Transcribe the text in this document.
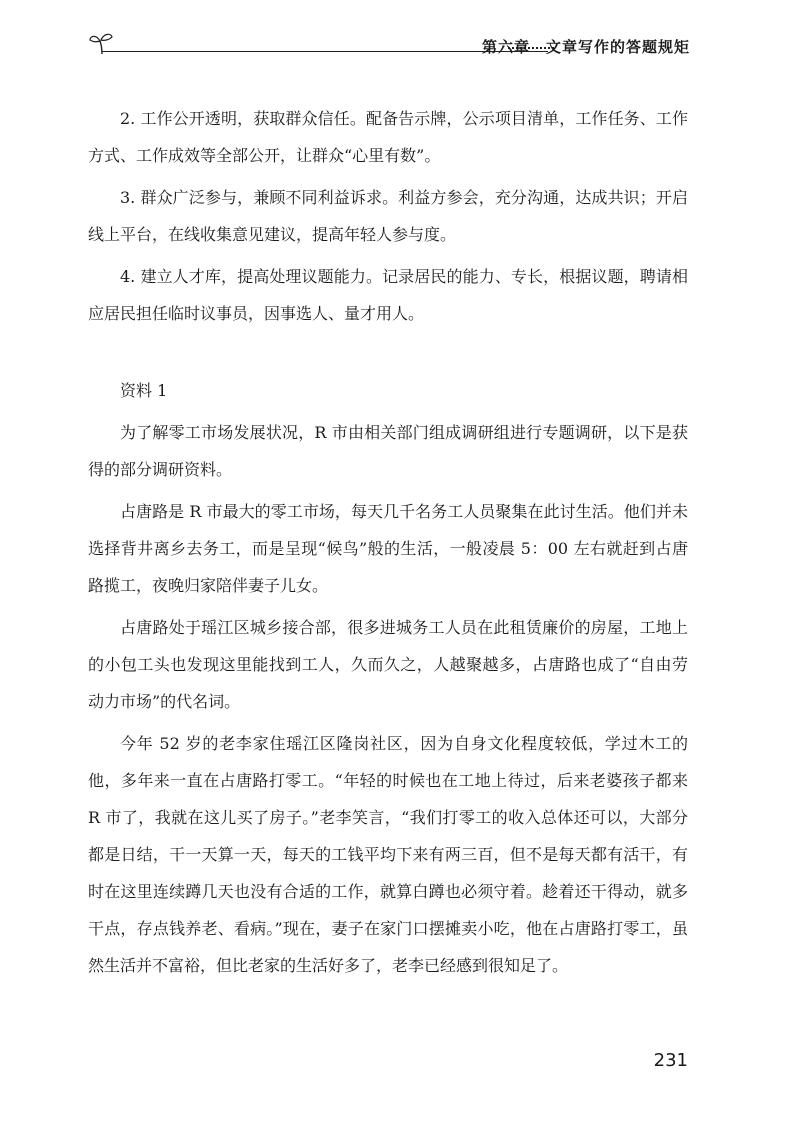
第六章　文章写作的答题规矩

2. 工作公开透明，获取群众信任。配备告示牌，公示项目清单，工作任务、工作方式、工作成效等全部公开，让群众“心里有数”。

3. 群众广泛参与，兼顾不同利益诉求。利益方参会，充分沟通，达成共识；开启线上平台，在线收集意见建议，提高年轻人参与度。

4. 建立人才库，提高处理议题能力。记录居民的能力、专长，根据议题，聘请相应居民担任临时议事员，因事选人、量才用人。

资料 1

为了解零工市场发展状况，R 市由相关部门组成调研组进行专题调研，以下是获得的部分调研资料。

占唐路是 R 市最大的零工市场，每天几千名务工人员聚集在此讨生活。他们并未选择背井离乡去务工，而是呈现“候鸟”般的生活，一般凌晨 5：00 左右就赶到占唐路揽工，夜晚归家陪伴妻子儿女。

占唐路处于瑶江区城乡接合部，很多进城务工人员在此租赁廉价的房屋，工地上的小包工头也发现这里能找到工人，久而久之，人越聚越多，占唐路也成了“自由劳动力市场”的代名词。

今年 52 岁的老李家住瑶江区隆岗社区，因为自身文化程度较低，学过木工的他，多年来一直在占唐路打零工。“年轻的时候也在工地上待过，后来老婆孩子都来 R 市了，我就在这儿买了房子。”老李笑言，“我们打零工的收入总体还可以，大部分都是日结，干一天算一天，每天的工钱平均下来有两三百，但不是每天都有活干，有时在这里连续蹲几天也没有合适的工作，就算白蹲也必须守着。趁着还干得动，就多干点，存点钱养老、看病。”现在，妻子在家门口摆摊卖小吃，他在占唐路打零工，虽然生活并不富裕，但比老家的生活好多了，老李已经感到很知足了。

231
